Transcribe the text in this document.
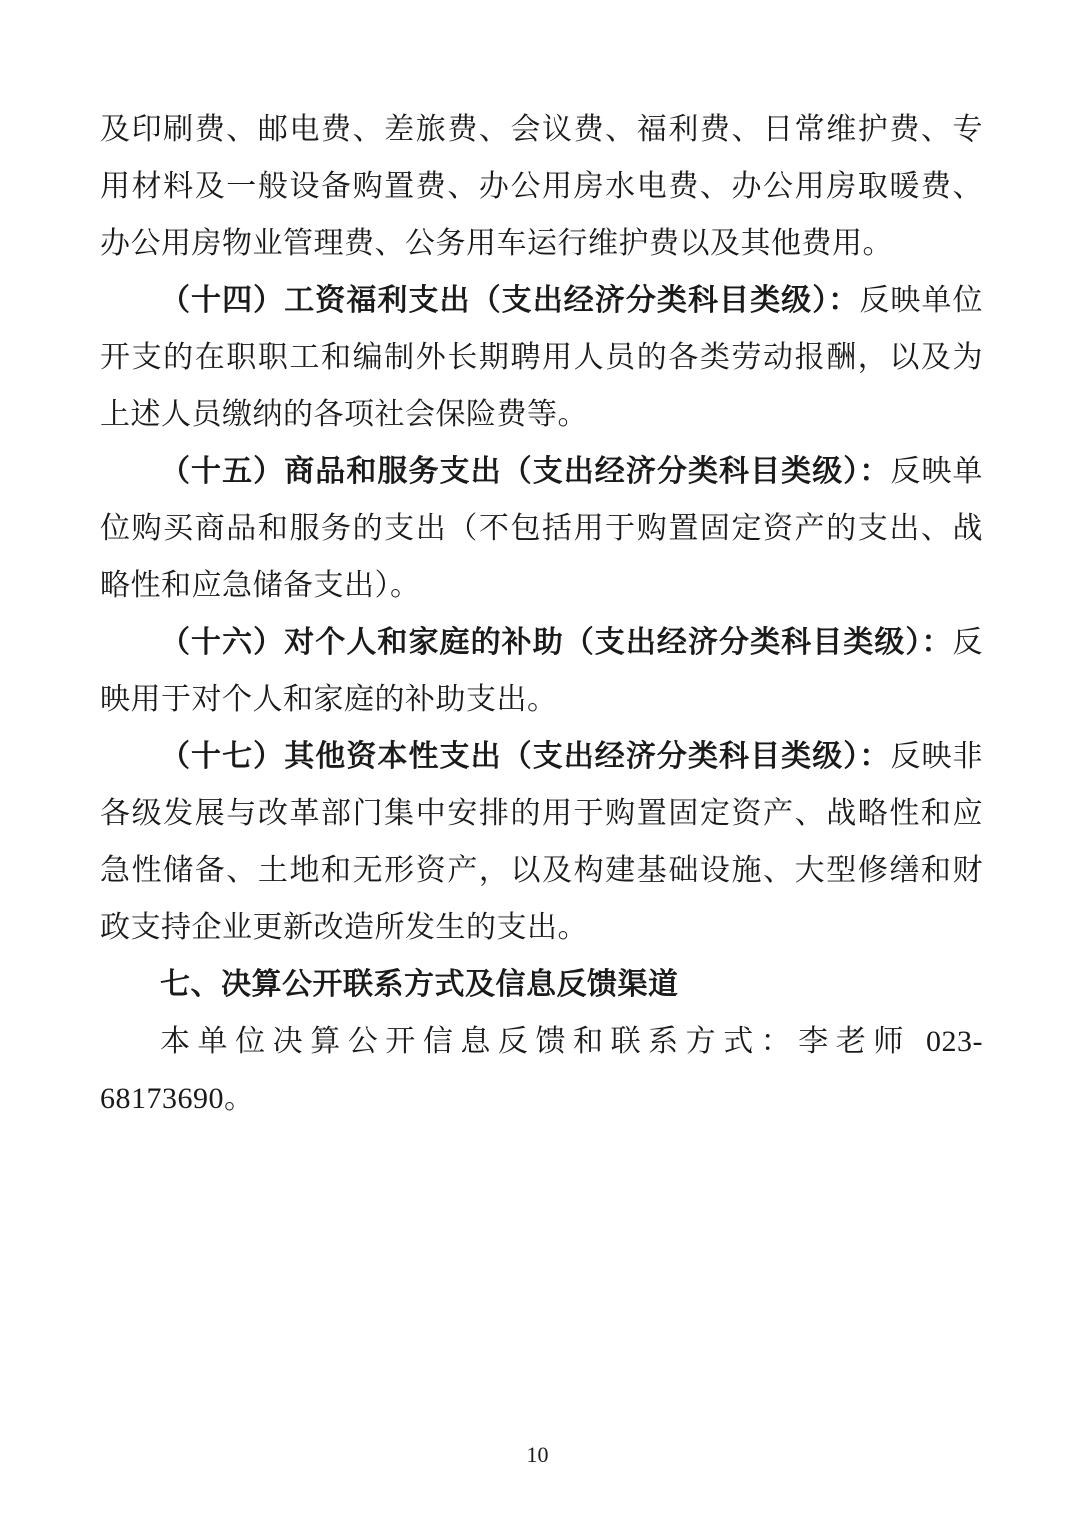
及印刷费、邮电费、差旅费、会议费、福利费、日常维护费、专用材料及一般设备购置费、办公用房水电费、办公用房取暖费、办公用房物业管理费、公务用车运行维护费以及其他费用。

（十四）工资福利支出（支出经济分类科目类级）：反映单位开支的在职职工和编制外长期聘用人员的各类劳动报酬，以及为上述人员缴纳的各项社会保险费等。

（十五）商品和服务支出（支出经济分类科目类级）：反映单位购买商品和服务的支出（不包括用于购置固定资产的支出、战略性和应急储备支出）。

（十六）对个人和家庭的补助（支出经济分类科目类级）：反映用于对个人和家庭的补助支出。

（十七）其他资本性支出（支出经济分类科目类级）：反映非各级发展与改革部门集中安排的用于购置固定资产、战略性和应急性储备、土地和无形资产，以及构建基础设施、大型修缮和财政支持企业更新改造所发生的支出。

七、决算公开联系方式及信息反馈渠道

本单位决算公开信息反馈和联系方式：李老师 023-68173690。

10
